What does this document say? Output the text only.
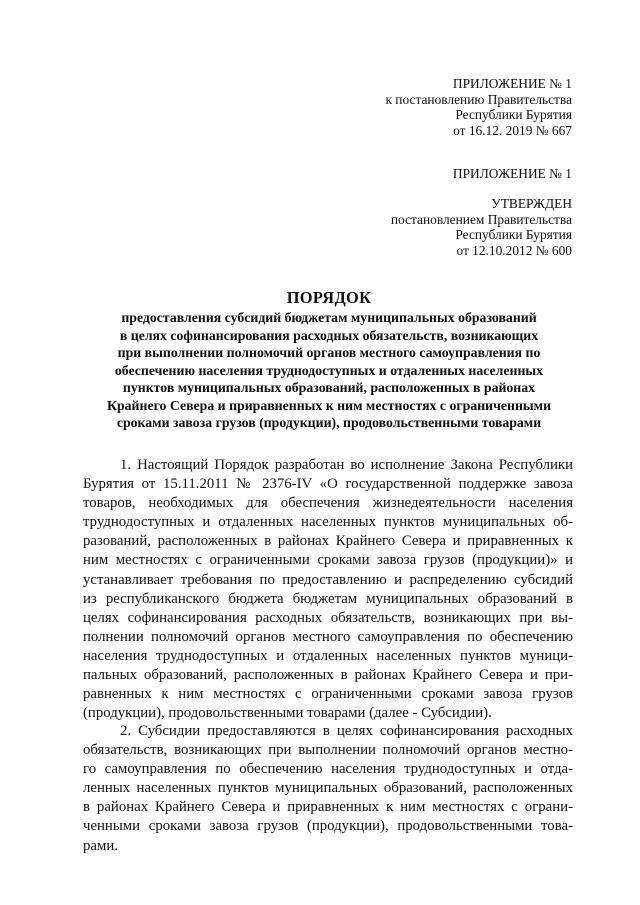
ПРИЛОЖЕНИЕ № 1
к постановлению Правительства
Республики Бурятия
от 16.12. 2019 № 667
ПРИЛОЖЕНИЕ № 1
УТВЕРЖДЕН
постановлением Правительства
Республики Бурятия
от 12.10.2012 № 600
ПОРЯДОК
предоставления субсидий бюджетам муниципальных образований
в целях софинансирования расходных обязательств, возникающих
при выполнении полномочий органов местного самоуправления по
обеспечению населения труднодоступных и отдаленных населенных
пунктов муниципальных образований, расположенных в районах
Крайнего Севера и приравненных к ним местностях с ограниченными
сроками завоза грузов (продукции), продовольственными товарами
1. Настоящий Порядок разработан во исполнение Закона Республики
Бурятия от 15.11.2011 № 2376-IV «О государственной поддержке завоза
товаров, необходимых для обеспечения жизнедеятельности населения
труднодоступных и отдаленных населенных пунктов муниципальных об-
разований, расположенных в районах Крайнего Севера и приравненных к
ним местностях с ограниченными сроками завоза грузов (продукции)» и
устанавливает требования по предоставлению и распределению субсидий
из республиканского бюджета бюджетам муниципальных образований в
целях софинансирования расходных обязательств, возникающих при вы-
полнении полномочий органов местного самоуправления по обеспечению
населения труднодоступных и отдаленных населенных пунктов муници-
пальных образований, расположенных в районах Крайнего Севера и при-
равненных к ним местностях с ограниченными сроками завоза грузов
(продукции), продовольственными товарами (далее - Субсидии).
2. Субсидии предоставляются в целях софинансирования расходных
обязательств, возникающих при выполнении полномочий органов местно-
го самоуправления по обеспечению населения труднодоступных и отда-
ленных населенных пунктов муниципальных образований, расположенных
в районах Крайнего Севера и приравненных к ним местностях с ограни-
ченными сроками завоза грузов (продукции), продовольственными това-
рами.
